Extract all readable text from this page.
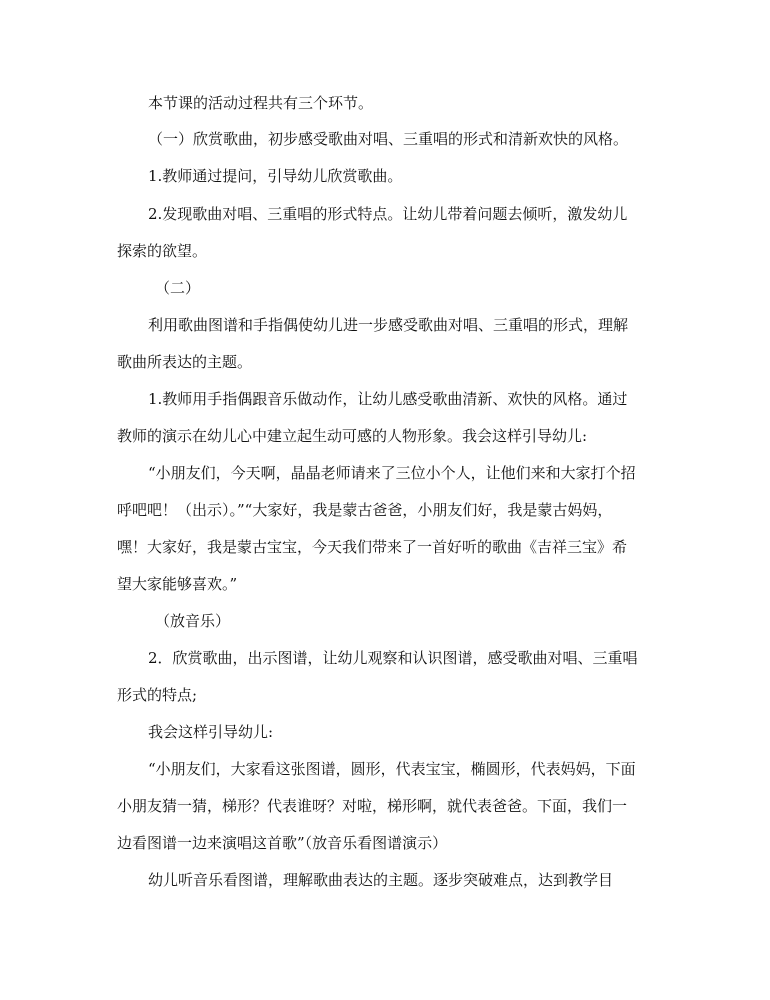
本节课的活动过程共有三个环节。

（一）欣赏歌曲，初步感受歌曲对唱、三重唱的形式和清新欢快的风格。

1.教师通过提问，引导幼儿欣赏歌曲。

2.发现歌曲对唱、三重唱的形式特点。让幼儿带着问题去倾听，激发幼儿

探索的欲望。

（二）

利用歌曲图谱和手指偶使幼儿进一步感受歌曲对唱、三重唱的形式，理解

歌曲所表达的主题。

1.教师用手指偶跟音乐做动作，让幼儿感受歌曲清新、欢快的风格。通过

教师的演示在幼儿心中建立起生动可感的人物形象。我会这样引导幼儿:

“小朋友们，今天啊，晶晶老师请来了三位小个人，让他们来和大家打个招

呼吧吧！（出示）。”“大家好，我是蒙古爸爸，小朋友们好，我是蒙古妈妈，

嘿！大家好，我是蒙古宝宝，今天我们带来了一首好听的歌曲《吉祥三宝》希

望大家能够喜欢。”

（放音乐）

2．欣赏歌曲，出示图谱，让幼儿观察和认识图谱，感受歌曲对唱、三重唱

形式的特点;

我会这样引导幼儿:

“小朋友们，大家看这张图谱，圆形，代表宝宝，椭圆形，代表妈妈，下面

小朋友猜一猜，梯形？代表谁呀？对啦，梯形啊，就代表爸爸。下面，我们一

边看图谱一边来演唱这首歌”（放音乐看图谱演示）

幼儿听音乐看图谱，理解歌曲表达的主题。逐步突破难点，达到教学目
